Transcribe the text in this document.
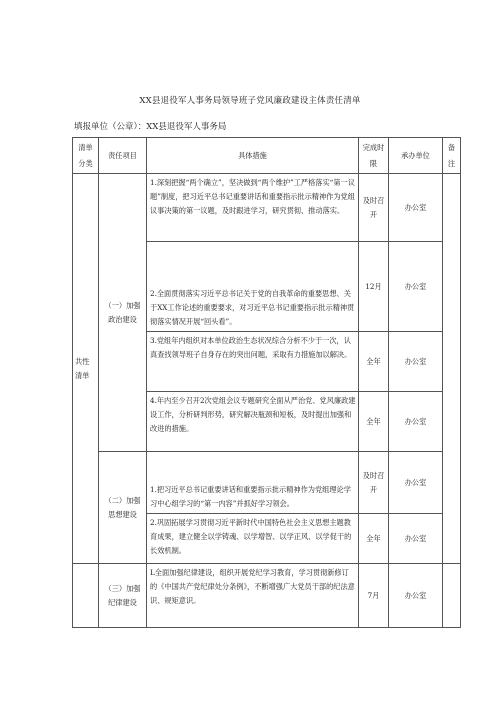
XX县退役军人事务局领导班子党风廉政建设主体责任清单
填报单位（公章）：XX县退役军人事务局
清单分类	责任项目	具体措施	完成时限	承办单位	备注
共性清单	（一）加强政治建设	1.深刻把握“两个确立”，坚决做到“两个维护”工严格落实“第一议题”制度，把习近平总书记重要讲话和重要指示批示精神作为党组议事决策的第一议题，及时跟进学习，研究贯彻、推动落实。	及时召开	办公室	
		2.全面贯彻落实习近平总书记关于党的自我革命的重要思想、关于XX工作论述的重要要求，对习近平总书记重要指示批示精神贯彻落实情况开展“回头看”。	12月	办公室	
		3.党组年内组织对本单位政治生态状况综合分析不少于一次，认真查找领导班子自身存在的突出问题，采取有力措施加以解决。	全年	办公室	
		4.年内至少召开2次党组会议专题研究全面从严治党、党风廉政建设工作，分析研判形势，研究解决瓶颈和短板，及时提出加强和改进的措施。	全年	办公室	
	（二）加强思想建设	1.把习近平总书记重要讲话和重要指示批示精神作为党组理论学习中心组学习的“第一内容”并抓好学习领会。	及时召开	办公室	
		2.巩固拓展学习贯彻习近平新时代中国特色社会主义思想主题教育成果，建立健全以学铸魂、以学增智、以学正风、以学促干的长效机制。	全年	办公室	
	（三）加强纪律建设	L全面加强纪律建设，组织开展党纪学习教育，学习贯彻新修订的《中国共产党纪律处分条例》，不断增强广大党员干部的纪法意识、规矩意识。	7月	办公室	
